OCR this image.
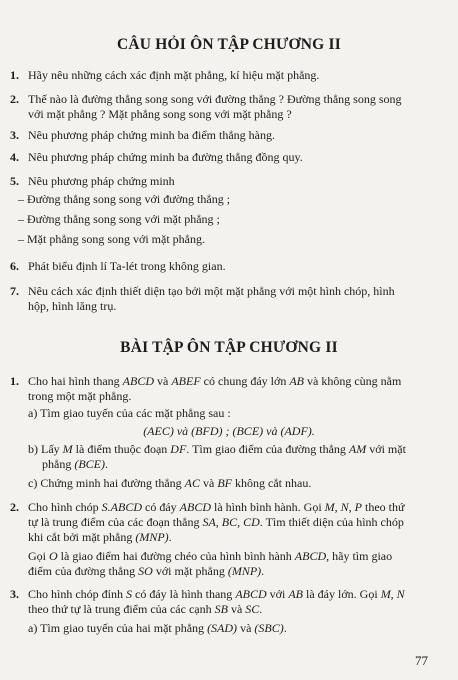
CÂU HỎI ÔN TẬP CHƯƠNG II
1. Hãy nêu những cách xác định mặt phẳng, kí hiệu mặt phẳng.
2. Thế nào là đường thẳng song song với đường thẳng ? Đường thẳng song song
với mặt phẳng ? Mặt phẳng song song với mặt phẳng ?
3. Nêu phương pháp chứng minh ba điểm thẳng hàng.
4. Nêu phương pháp chứng minh ba đường thẳng đồng quy.
5. Nêu phương pháp chứng minh
– Đường thẳng song song với đường thẳng ;
– Đường thẳng song song với mặt phẳng ;
– Mặt phẳng song song với mặt phẳng.
6. Phát biểu định lí Ta-lét trong không gian.
7. Nêu cách xác định thiết diện tạo bởi một mặt phẳng với một hình chóp, hình
hộp, hình lăng trụ.
BÀI TẬP ÔN TẬP CHƯƠNG II
1. Cho hai hình thang ABCD và ABEF có chung đáy lớn AB và không cùng nằm
trong một mặt phẳng.
a) Tìm giao tuyến của các mặt phẳng sau :
(AEC) và (BFD) ; (BCE) và (ADF).
b) Lấy M là điểm thuộc đoạn DF. Tìm giao điểm của đường thẳng AM với mặt
phẳng (BCE).
c) Chứng minh hai đường thẳng AC và BF không cắt nhau.
2. Cho hình chóp S.ABCD có đáy ABCD là hình bình hành. Gọi M, N, P theo thứ
tự là trung điểm của các đoạn thẳng SA, BC, CD. Tìm thiết diện của hình chóp
khi cắt bởi mặt phẳng (MNP).
Gọi O là giao điểm hai đường chéo của hình bình hành ABCD, hãy tìm giao
điểm của đường thẳng SO với mặt phẳng (MNP).
3. Cho hình chóp đỉnh S có đáy là hình thang ABCD với AB là đáy lớn. Gọi M, N
theo thứ tự là trung điểm của các cạnh SB và SC.
a) Tìm giao tuyến của hai mặt phẳng (SAD) và (SBC).
77
